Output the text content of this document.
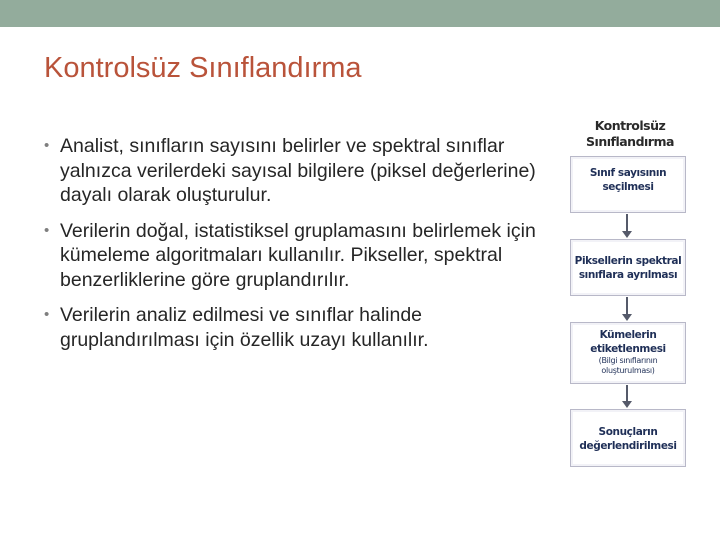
Kontrolsüz Sınıflandırma
• Analist, sınıfların sayısını belirler ve spektral sınıflar yalnızca verilerdeki sayısal bilgilere (piksel değerlerine) dayalı olarak oluşturulur.
• Verilerin doğal, istatistiksel gruplamasını belirlemek için kümeleme algoritmaları kullanılır. Pikseller, spektral benzerliklerine göre gruplandırılır.
• Verilerin analiz edilmesi ve sınıflar halinde gruplandırılması için özellik uzayı kullanılır.
Kontrolsüz
Sınıflandırma
Sınıf sayısının
seçilmesi
Piksellerin spektral
sınıflara ayrılması
Kümelerin
etiketlenmesi
(Bilgi sınıflarının oluşturulması)
Sonuçların
değerlendirilmesi
